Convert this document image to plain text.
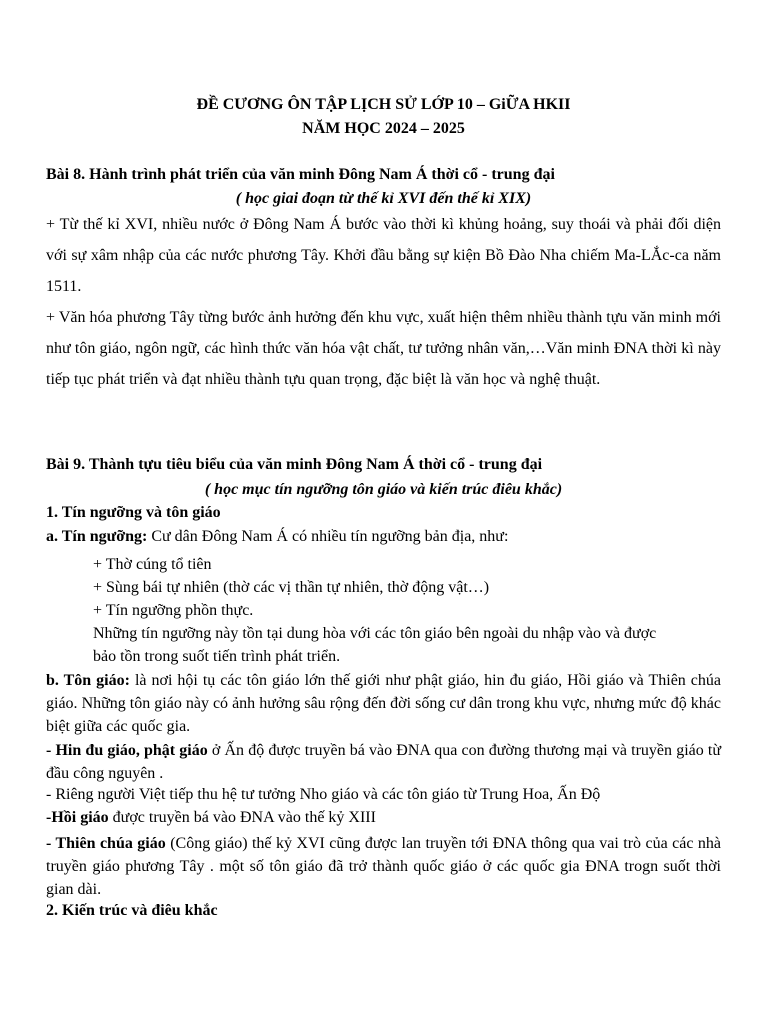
ĐỀ CƯƠNG ÔN TẬP LỊCH SỬ LỚP 10 – GiỮA HKII
NĂM HỌC 2024 – 2025

Bài 8. Hành trình phát triển của văn minh Đông Nam Á thời cổ - trung đại

( học giai đoạn từ thế kỉ XVI đến thế kỉ XIX)

+ Từ thế kỉ XVI, nhiều nước ở Đông Nam Á bước vào thời kì khủng hoảng, suy thoái và phải đối diện với sự xâm nhập của các nước phương Tây. Khởi đầu bằng sự kiện Bồ Đào Nha chiếm Ma-LẮc-ca năm 1511.

+ Văn hóa phương Tây từng bước ảnh hưởng đến khu vực, xuất hiện thêm nhiều thành tựu văn minh mới như tôn giáo, ngôn ngữ, các hình thức văn hóa vật chất, tư tưởng nhân văn,…Văn minh ĐNA thời kì này tiếp tục phát triển và đạt nhiều thành tựu quan trọng, đặc biệt là văn học và nghệ thuật.

Bài 9. Thành tựu tiêu biểu của văn minh Đông Nam Á thời cổ - trung đại

( học mục tín ngưỡng tôn giáo và kiến trúc điêu khắc)

1. Tín ngưỡng và tôn giáo

a. Tín ngưỡng: Cư dân Đông Nam Á có nhiều tín ngưỡng bản địa, như:

+ Thờ cúng tổ tiên

+ Sùng bái tự nhiên (thờ các vị thần tự nhiên, thờ động vật…)

+ Tín ngưỡng phồn thực.

Những tín ngưỡng này tồn tại dung hòa với các tôn giáo bên ngoài du nhập vào và được bảo tồn trong suốt tiến trình phát triển.

b. Tôn giáo: là nơi hội tụ các tôn giáo lớn thế giới như phật giáo, hin đu giáo, Hồi giáo và Thiên chúa giáo. Những tôn giáo này có ảnh hưởng sâu rộng đến đời sống cư dân trong khu vực, nhưng mức độ khác biệt giữa các quốc gia.

- Hin đu giáo, phật giáo ở Ấn độ được truyền bá vào ĐNA qua con đường thương mại và truyền giáo từ đầu công nguyên .

- Riêng người Việt tiếp thu hệ tư tưởng Nho giáo và các tôn giáo từ Trung Hoa, Ấn Độ

-Hồi giáo được truyền bá vào ĐNA vào thế kỷ XIII

- Thiên chúa giáo (Công giáo) thế kỷ XVI cũng được lan truyền tới ĐNA thông qua vai trò của các nhà truyền giáo phương Tây . một số tôn giáo đã trở thành quốc giáo ở các quốc gia ĐNA trogn suốt thời gian dài.

2. Kiến trúc và điêu khắc
